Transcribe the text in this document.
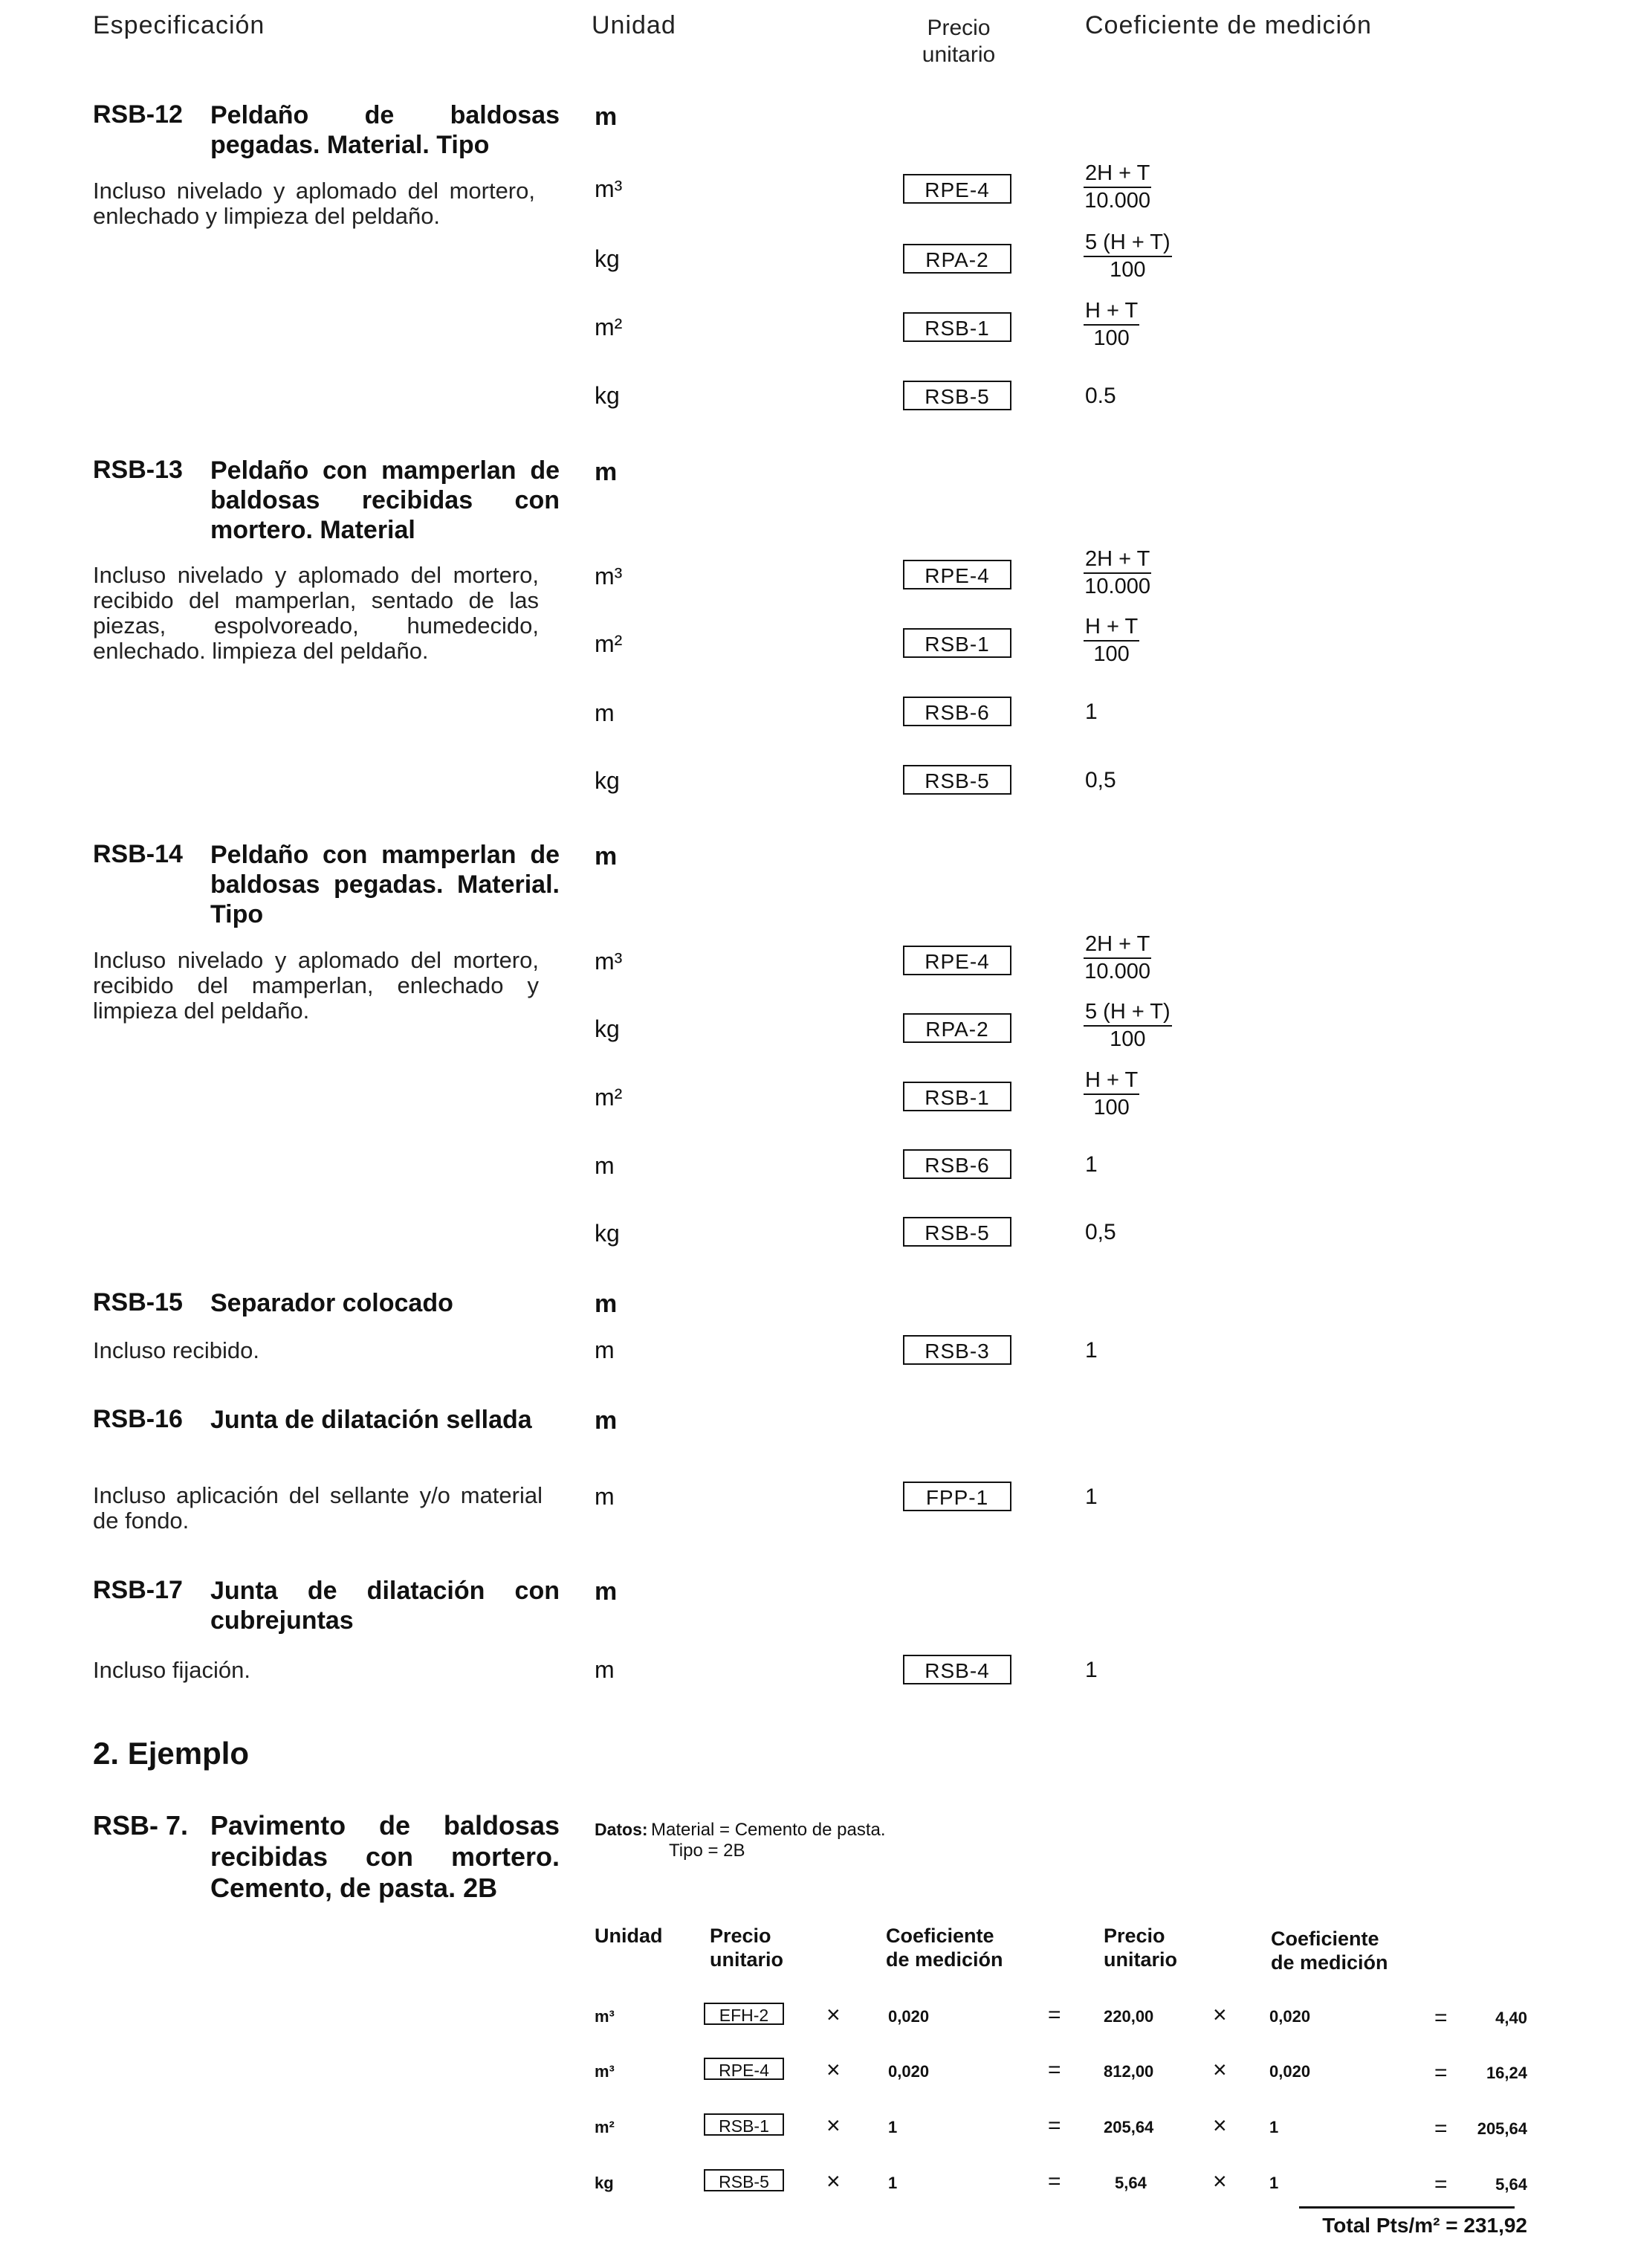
Especificación	Unidad	Precio
unitario
Coeficiente de medición
RSB-12 Peldaño de baldosas pegadas. Material. Tipo
m
Incluso nivelado y aplomado del mortero, enlechado y limpieza del peldaño.
m³	RPE-4	$\frac{2H + T}{10.000}$
kg	RPA-2	$\frac{5 (H + T)}{100}$
m²	RSB-1	$\frac{H + T}{100}$
kg	RSB-5	0.5
RSB-13 Peldaño con mamperlan de baldosas recibidas con mortero. Material
m
Incluso nivelado y aplomado del mortero, recibido del mamperlan, sentado de las piezas, espolvoreado, humedecido, enlechado. limpieza del peldaño.
m³	RPE-4	$\frac{2H + T}{10.000}$
m²	RSB-1	$\frac{H + T}{100}$
m	RSB-6	1
kg	RSB-5	0,5
RSB-14 Peldaño con mamperlan de baldosas pegadas. Material. Tipo
m
Incluso nivelado y aplomado del mortero, recibido del mamperlan, enlechado y limpieza del peldaño.
m³	RPE-4	$\frac{2H + T}{10.000}$
kg	RPA-2	$\frac{5 (H + T)}{100}$
m²	RSB-1	$\frac{H + T}{100}$
m	RSB-6	1
kg	RSB-5	0,5
RSB-15 Separador colocado	m
Incluso recibido.	m	RSB-3	1
RSB-16 Junta de dilatación sellada	m
Incluso aplicación del sellante y/o material de fondo.
m	FPP-1	1
RSB-17 Junta de dilatación con cubrejuntas
m
Incluso fijación.	m	RSB-4	1
2. Ejemplo
RSB- 7. Pavimento de baldosas recibidas con mortero. Cemento, de pasta. 2B
Datos: Material = Cemento de pasta.
Tipo = 2B
Unidad Precio
unitario
Coeficiente
de medición
Precio
unitario
Coeficiente
de medición
m³	EFH-2	×	0,020	=	220,00 ×	0,020	=	4,40
m³	RPE-4	×	0,020	=	812,00 ×	0,020	=	16,24
m²	RSB-1	×	1	=	205,64 ×	1	=	205,64
kg	RSB-5	×	1	=	5,64	×	1	=	5,64
Total Pts/m² = 231,92
